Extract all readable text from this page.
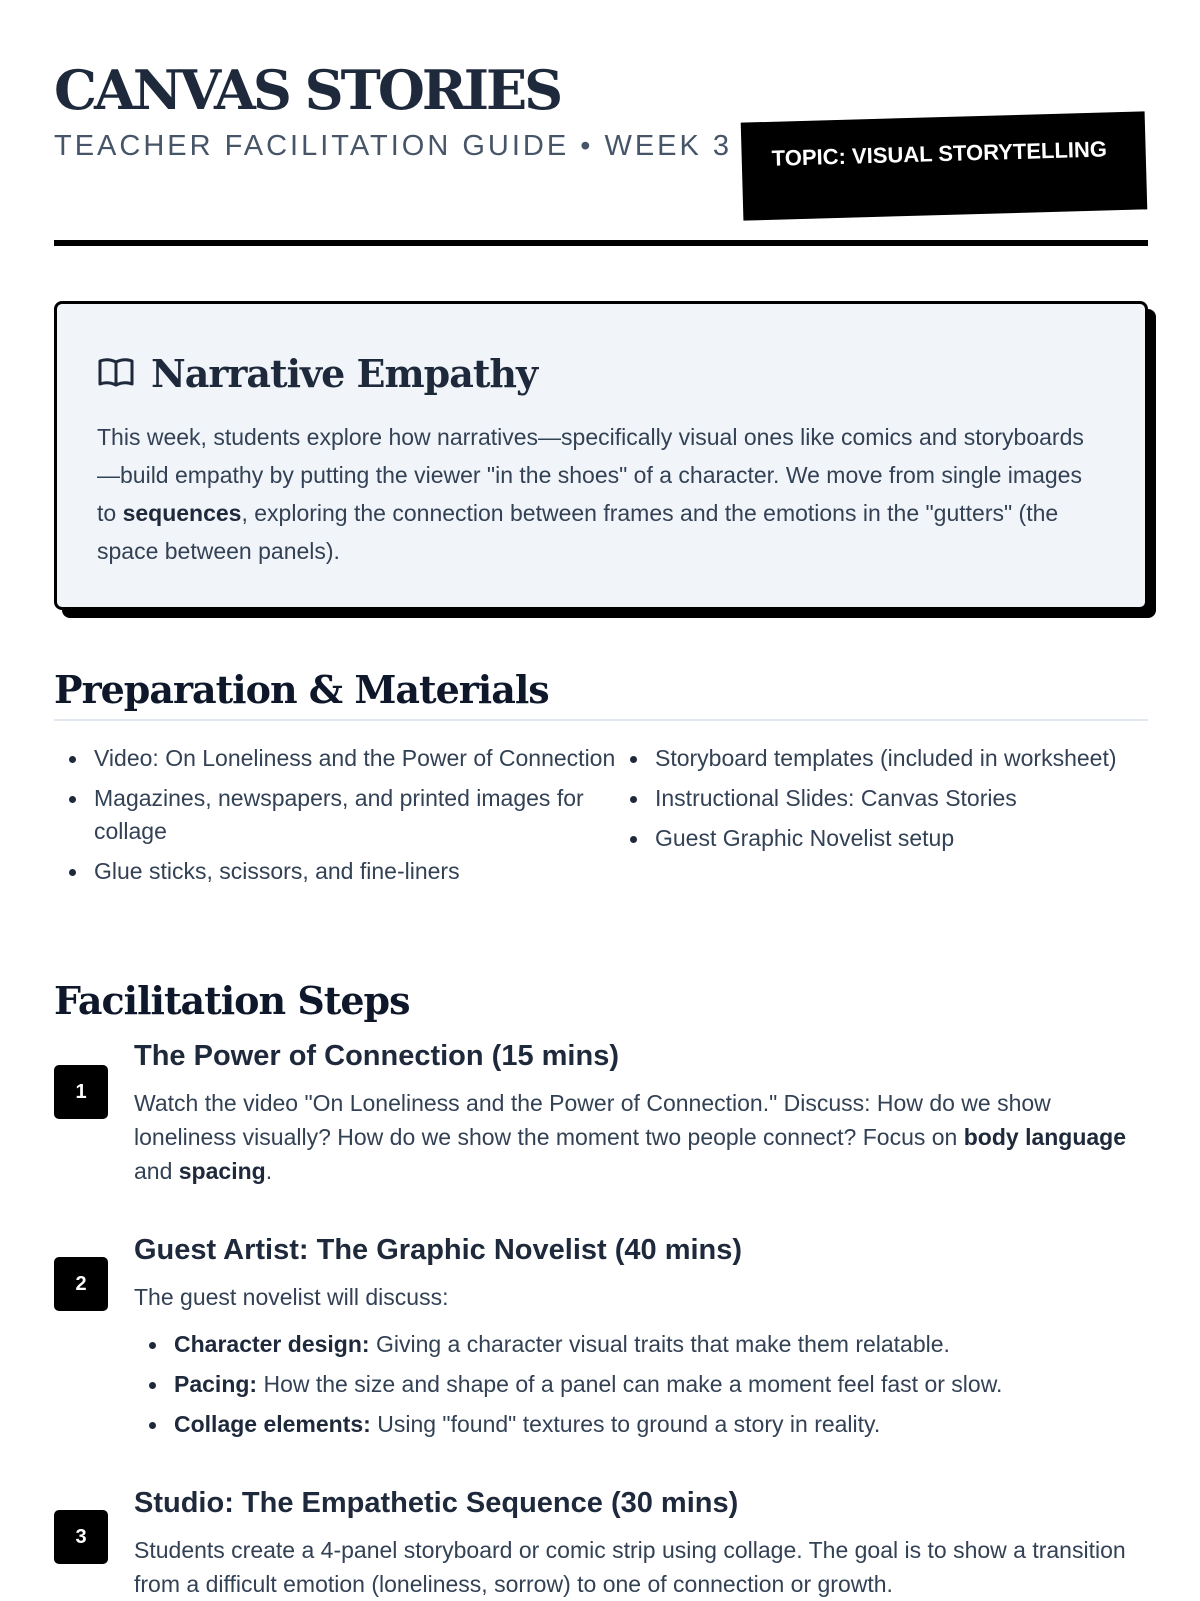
CANVAS STORIES
TEACHER FACILITATION GUIDE • WEEK 3	TOPIC: VISUAL STORYTELLING
Narrative Empathy

This week, students explore how narratives—specifically visual ones like comics and storyboards—build empathy by putting the viewer "in the shoes" of a character. We move from single images to sequences, exploring the connection between frames and the emotions in the "gutters" (the space between panels).

Preparation & Materials
Video: On Loneliness and the Power of Connection
Magazines, newspapers, and printed images for collage
Glue sticks, scissors, and fine-liners
Storyboard templates (included in worksheet)
Instructional Slides: Canvas Stories
Guest Graphic Novelist setup
Facilitation Steps
1
The Power of Connection (15 mins)

Watch the video "On Loneliness and the Power of Connection." Discuss: How do we show loneliness visually? How do we show the moment two people connect? Focus on body language and spacing.

2
Guest Artist: The Graphic Novelist (40 mins)

The guest novelist will discuss:

Character design: Giving a character visual traits that make them relatable.
Pacing: How the size and shape of a panel can make a moment feel fast or slow.
Collage elements: Using "found" textures to ground a story in reality.
3
Studio: The Empathetic Sequence (30 mins)

Students create a 4-panel storyboard or comic strip using collage. The goal is to show a transition from a difficult emotion (loneliness, sorrow) to one of connection or growth.
